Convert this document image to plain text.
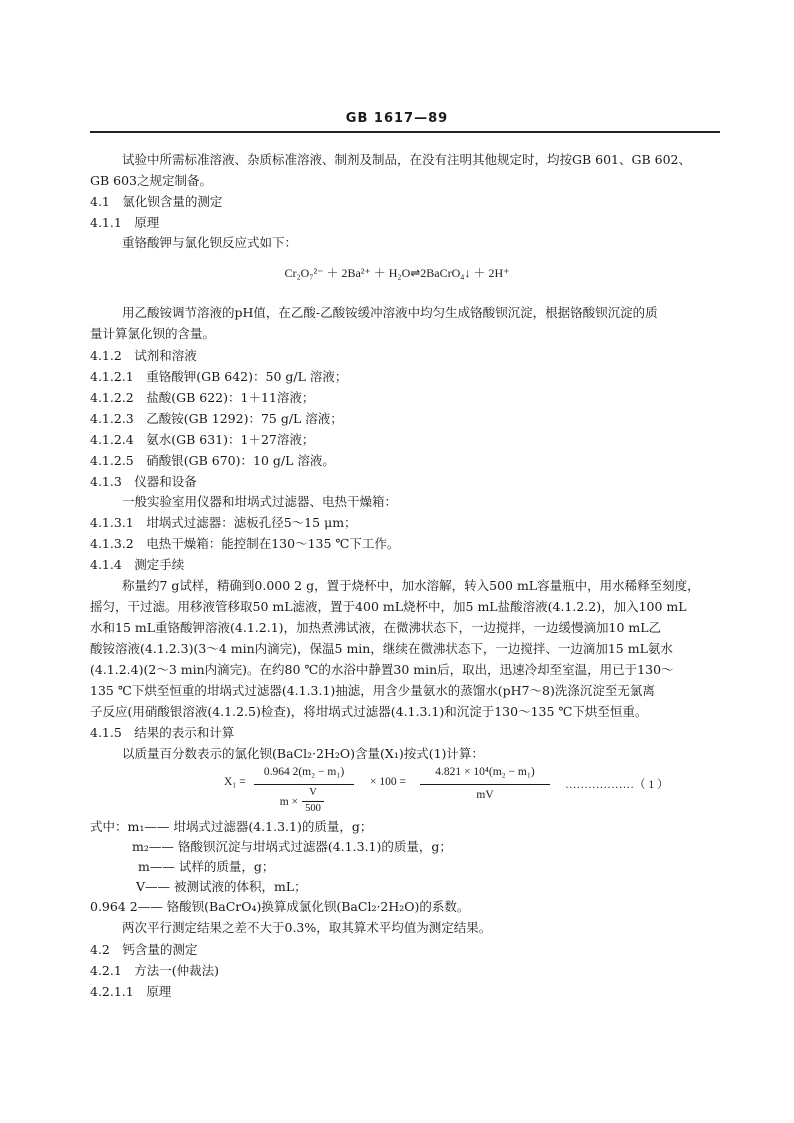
GB 1617—89
试验中所需标准溶液、杂质标准溶液、制剂及制品，在没有注明其他规定时，均按GB 601、GB 602、
GB 603之规定制备。
4.1　氯化钡含量的测定
4.1.1　原理
重铬酸钾与氯化钡反应式如下：
Cr₂O₇²⁻ ＋ 2Ba²⁺ ＋ H₂O⇌2BaCrO₄↓ ＋ 2H⁺
用乙酸铵调节溶液的pH值，在乙酸-乙酸铵缓冲溶液中均匀生成铬酸钡沉淀，根据铬酸钡沉淀的质
量计算氯化钡的含量。
4.1.2　试剂和溶液
4.1.2.1　重铬酸钾(GB 642)：50 g/L 溶液；
4.1.2.2　盐酸(GB 622)：1＋11溶液；
4.1.2.3　乙酸铵(GB 1292)：75 g/L 溶液；
4.1.2.4　氨水(GB 631)：1＋27溶液；
4.1.2.5　硝酸银(GB 670)：10 g/L 溶液。
4.1.3　仪器和设备
一般实验室用仪器和坩埚式过滤器、电热干燥箱：
4.1.3.1　坩埚式过滤器：滤板孔径5～15 μm；
4.1.3.2　电热干燥箱：能控制在130～135 ℃下工作。
4.1.4　测定手续
称量约7 g试样，精确到0.000 2 g，置于烧杯中，加水溶解，转入500 mL容量瓶中，用水稀释至刻度，
摇匀，干过滤。用移液管移取50 mL滤液，置于400 mL烧杯中，加5 mL盐酸溶液(4.1.2.2)，加入100 mL
水和15 mL重铬酸钾溶液(4.1.2.1)，加热煮沸试液，在微沸状态下，一边搅拌，一边缓慢滴加10 mL乙
酸铵溶液(4.1.2.3)(3～4 min内滴完)，保温5 min，继续在微沸状态下，一边搅拌、一边滴加15 mL氨水
(4.1.2.4)(2～3 min内滴完)。在约80 ℃的水浴中静置30 min后，取出，迅速冷却至室温，用已于130～
135 ℃下烘至恒重的坩埚式过滤器(4.1.3.1)抽滤，用含少量氨水的蒸馏水(pH7～8)洗涤沉淀至无氯离
子反应(用硝酸银溶液(4.1.2.5)检查)，将坩埚式过滤器(4.1.3.1)和沉淀于130～135 ℃下烘至恒重。
4.1.5　结果的表示和计算
以质量百分数表示的氯化钡(BaCl₂·2H₂O)含量(X₁)按式(1)计算：
X₁ =
0.964 2(m₂ − m₁)
m ×
V
500
× 100 =
4.821 × 10⁴(m₂ − m₁)
mV
………………（ 1 ）
式中：m₁—— 坩埚式过滤器(4.1.3.1)的质量，g；
m₂—— 铬酸钡沉淀与坩埚式过滤器(4.1.3.1)的质量，g；
m—— 试样的质量，g；
V—— 被测试液的体积，mL；
0.964 2—— 铬酸钡(BaCrO₄)换算成氯化钡(BaCl₂·2H₂O)的系数。
两次平行测定结果之差不大于0.3%，取其算术平均值为测定结果。
4.2　钙含量的测定
4.2.1　方法一(仲裁法)
4.2.1.1　原理
